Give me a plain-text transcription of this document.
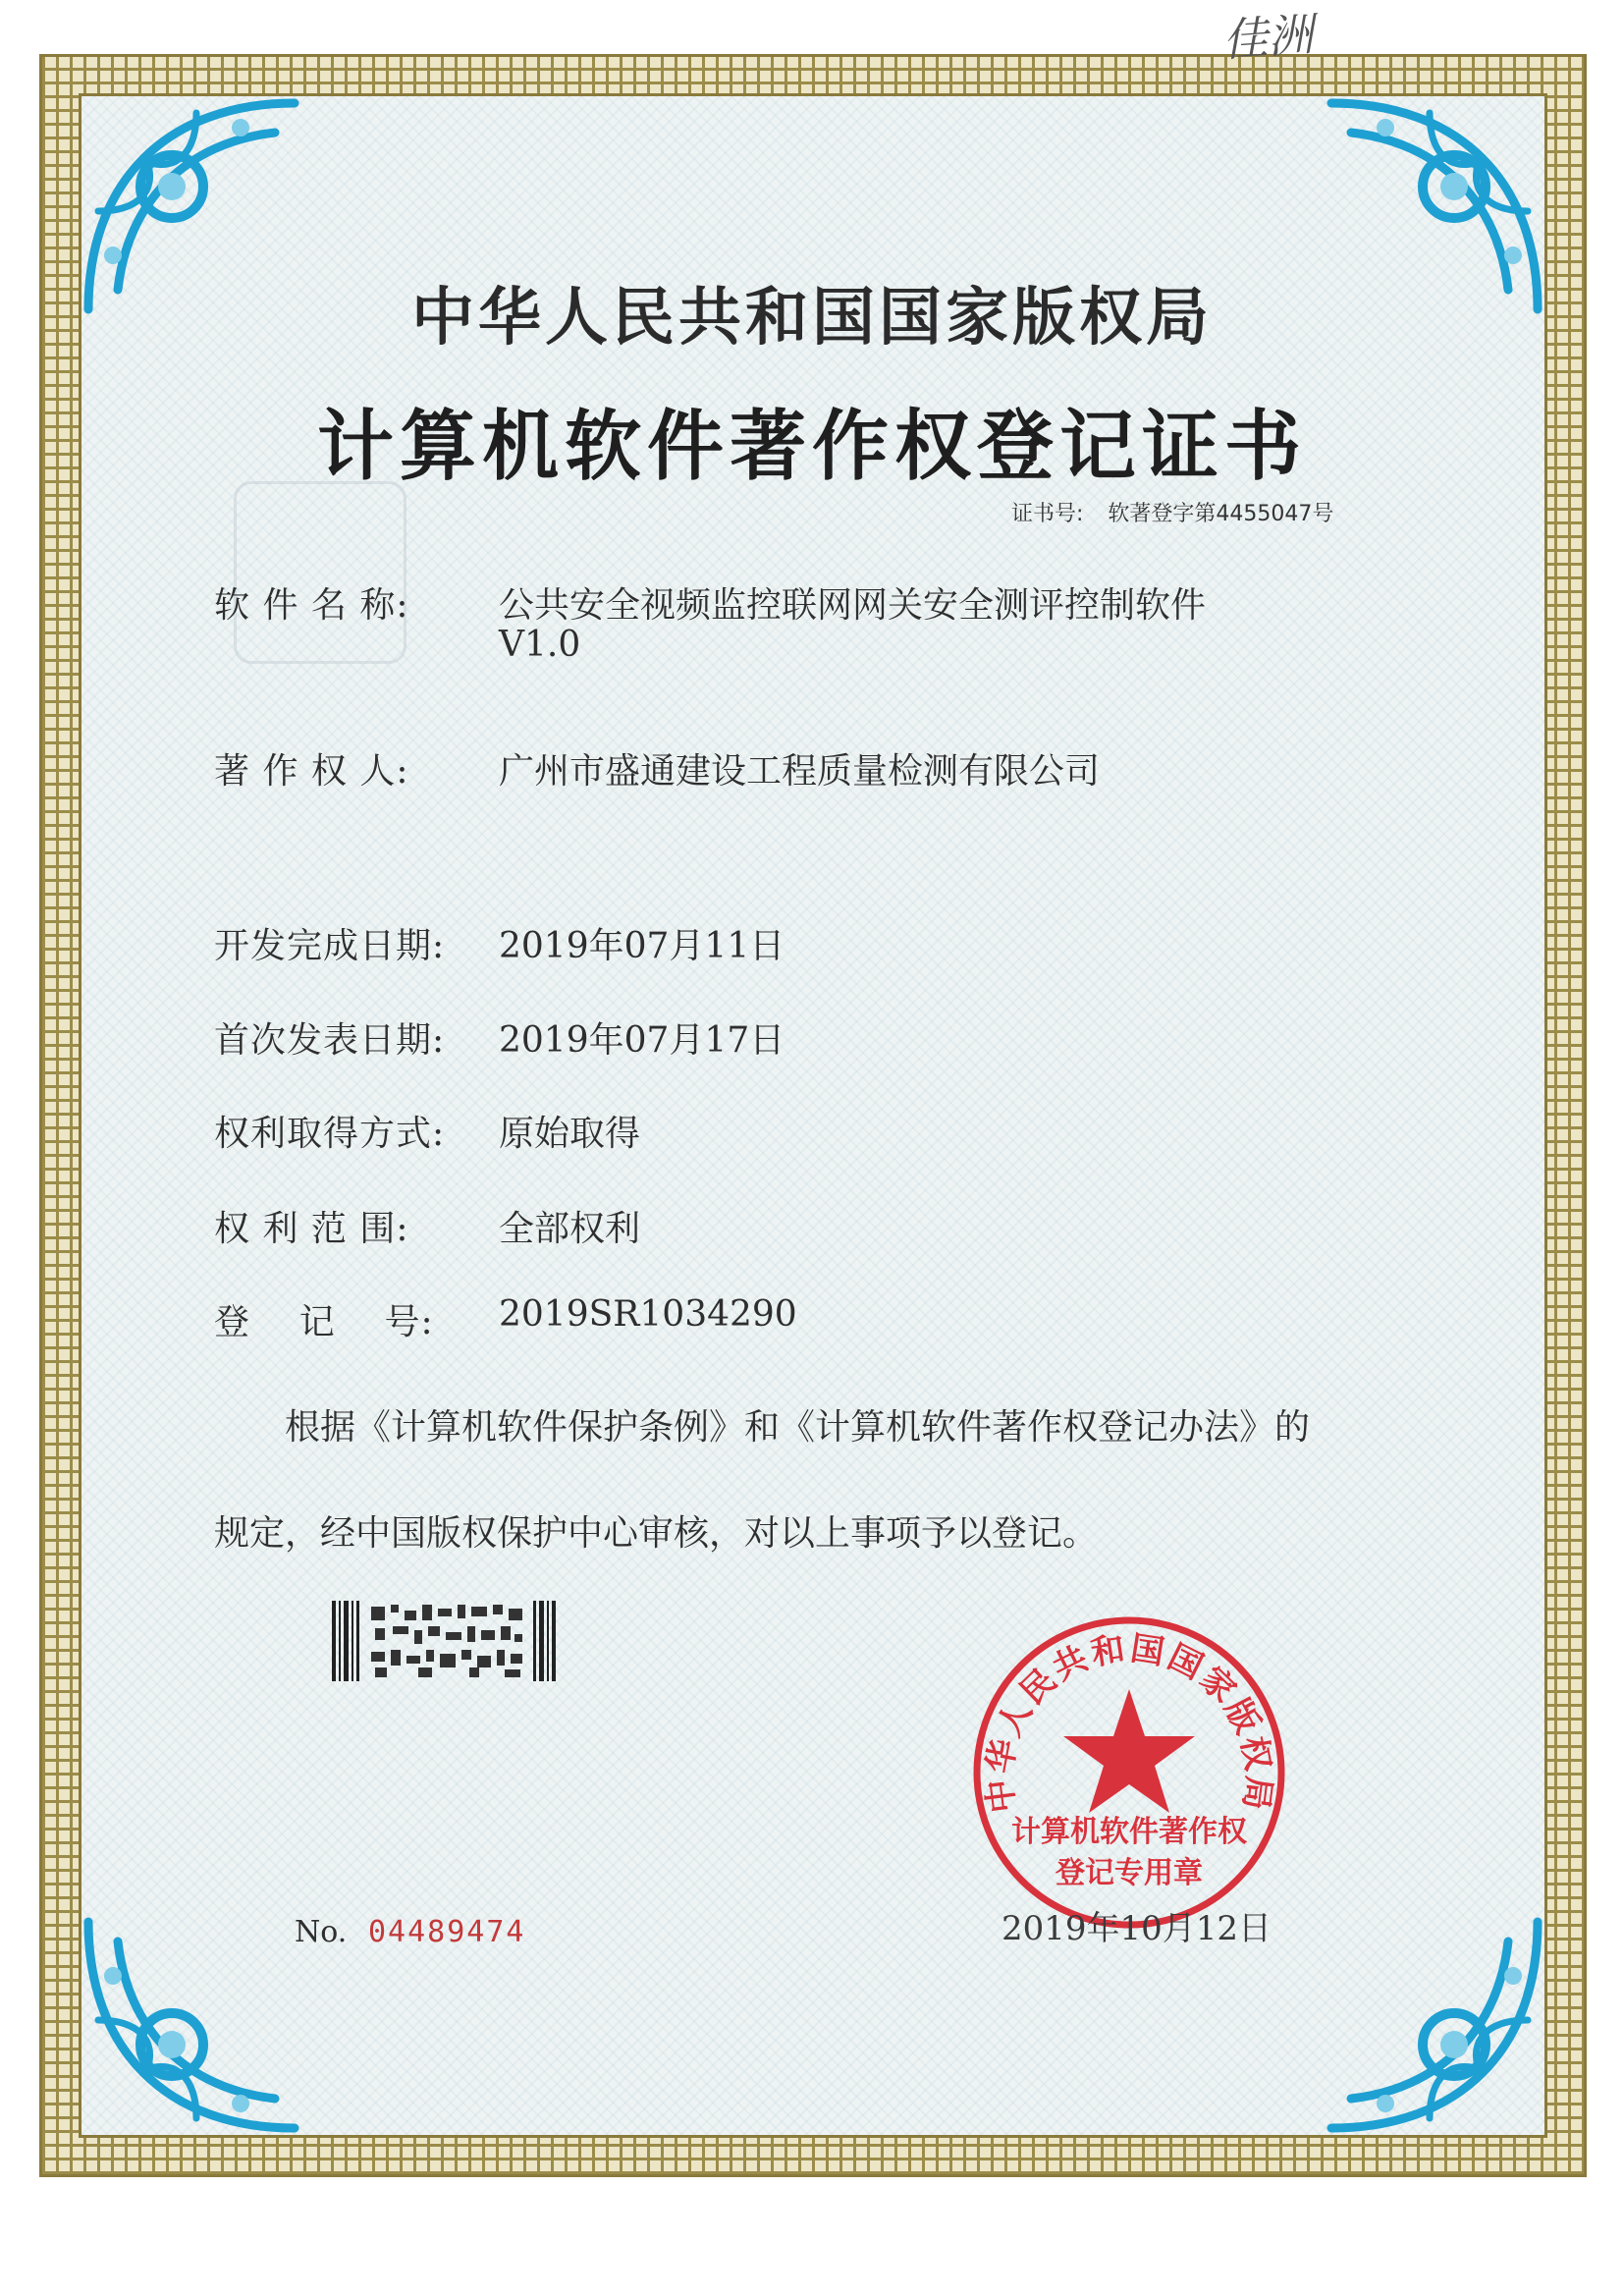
佳洲
中华人民共和国国家版权局
计算机软件著作权登记证书
证书号: 软著登字第4455047号
软 件 名 称:	公共安全视频监控联网网关安全测评控制软件
V1.0
著 作 权 人:	广州市盛通建设工程质量检测有限公司
开发完成日期: 2019年07月11日
首次发表日期: 2019年07月17日
权利取得方式: 原始取得
权 利 范 围:	全部权利
登    记    号: 2019SR1034290
根据《计算机软件保护条例》和《计算机软件著作权登记办法》的
规定，经中国版权保护中心审核，对以上事项予以登记。
中华人民共和国国家版权局
计算机软件著作权
登记专用章
No. 04489474	2019年10月12日
